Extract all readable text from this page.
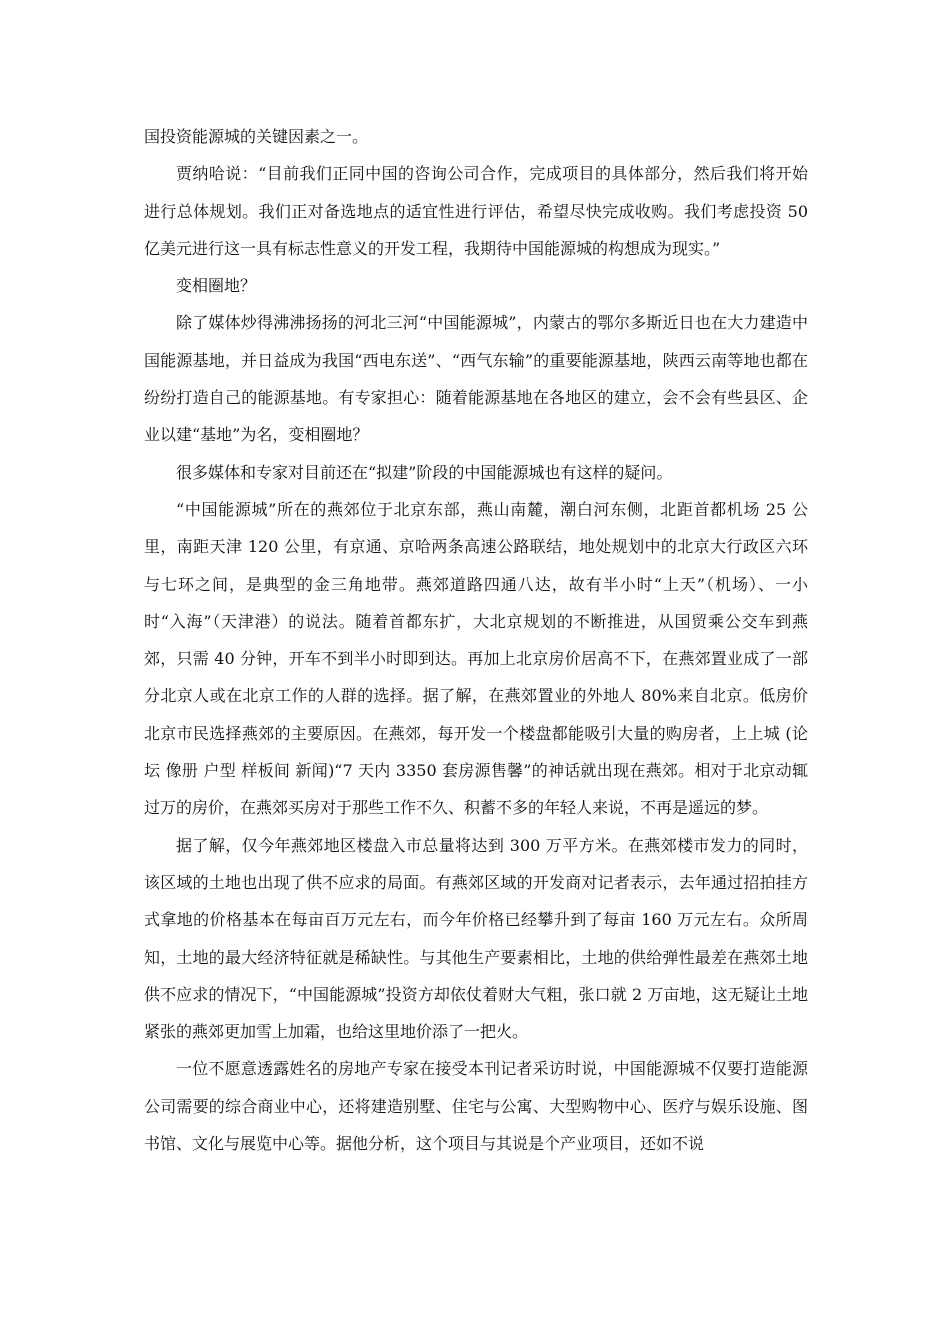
国投资能源城的关键因素之一。

贾纳哈说：“目前我们正同中国的咨询公司合作，完成项目的具体部分，然后我们将开始进行总体规划。我们正对备选地点的适宜性进行评估，希望尽快完成收购。我们考虑投资 50 亿美元进行这一具有标志性意义的开发工程，我期待中国能源城的构想成为现实。”

变相圈地？

除了媒体炒得沸沸扬扬的河北三河“中国能源城”，内蒙古的鄂尔多斯近日也在大力建造中国能源基地，并日益成为我国“西电东送”、“西气东输”的重要能源基地，陕西云南等地也都在纷纷打造自己的能源基地。有专家担心：随着能源基地在各地区的建立，会不会有些县区、企业以建“基地”为名，变相圈地？

很多媒体和专家对目前还在“拟建”阶段的中国能源城也有这样的疑问。

“中国能源城”所在的燕郊位于北京东部，燕山南麓，潮白河东侧，北距首都机场 25 公里，南距天津 120 公里，有京通、京哈两条高速公路联结，地处规划中的北京大行政区六环与七环之间，是典型的金三角地带。燕郊道路四通八达，故有半小时“上天”（机场）、一小时“入海”（天津港）的说法。随着首都东扩，大北京规划的不断推进，从国贸乘公交车到燕郊，只需 40 分钟，开车不到半小时即到达。再加上北京房价居高不下，在燕郊置业成了一部分北京人或在北京工作的人群的选择。据了解，在燕郊置业的外地人 80%来自北京。低房价北京市民选择燕郊的主要原因。在燕郊，每开发一个楼盘都能吸引大量的购房者，上上城 (论坛 像册 户型 样板间 新闻)“7 天内 3350 套房源售馨”的神话就出现在燕郊。相对于北京动辄过万的房价，在燕郊买房对于那些工作不久、积蓄不多的年轻人来说，不再是遥远的梦。

据了解，仅今年燕郊地区楼盘入市总量将达到 300 万平方米。在燕郊楼市发力的同时，该区域的土地也出现了供不应求的局面。有燕郊区域的开发商对记者表示，去年通过招拍挂方式拿地的价格基本在每亩百万元左右，而今年价格已经攀升到了每亩 160 万元左右。众所周知，土地的最大经济特征就是稀缺性。与其他生产要素相比，土地的供给弹性最差在燕郊土地供不应求的情况下，“中国能源城”投资方却依仗着财大气粗，张口就 2 万亩地，这无疑让土地紧张的燕郊更加雪上加霜，也给这里地价添了一把火。

一位不愿意透露姓名的房地产专家在接受本刊记者采访时说，中国能源城不仅要打造能源公司需要的综合商业中心，还将建造别墅、住宅与公寓、大型购物中心、医疗与娱乐设施、图书馆、文化与展览中心等。据他分析，这个项目与其说是个产业项目，还如不说
